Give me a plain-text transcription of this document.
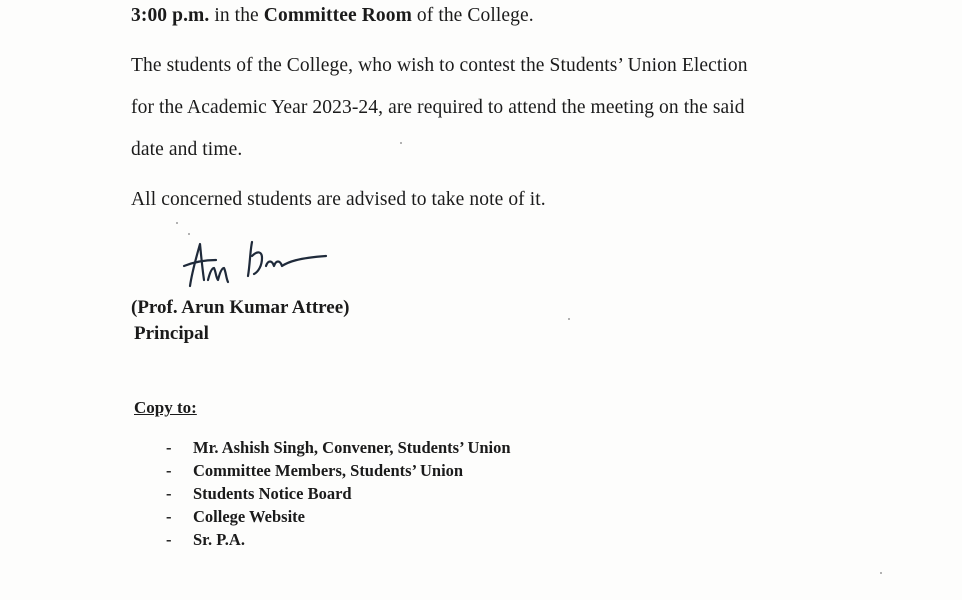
3:00 p.m. in the Committee Room of the College.
The students of the College, who wish to contest the Students’ Union Election
for the Academic Year 2023-24, are required to attend the meeting on the said
date and time.
All concerned students are advised to take note of it.
(Prof. Arun Kumar Attree)
Principal
Copy to:
- Mr. Ashish Singh, Convener, Students’ Union
- Committee Members, Students’ Union
- Students Notice Board
- College Website
- Sr. P.A.
